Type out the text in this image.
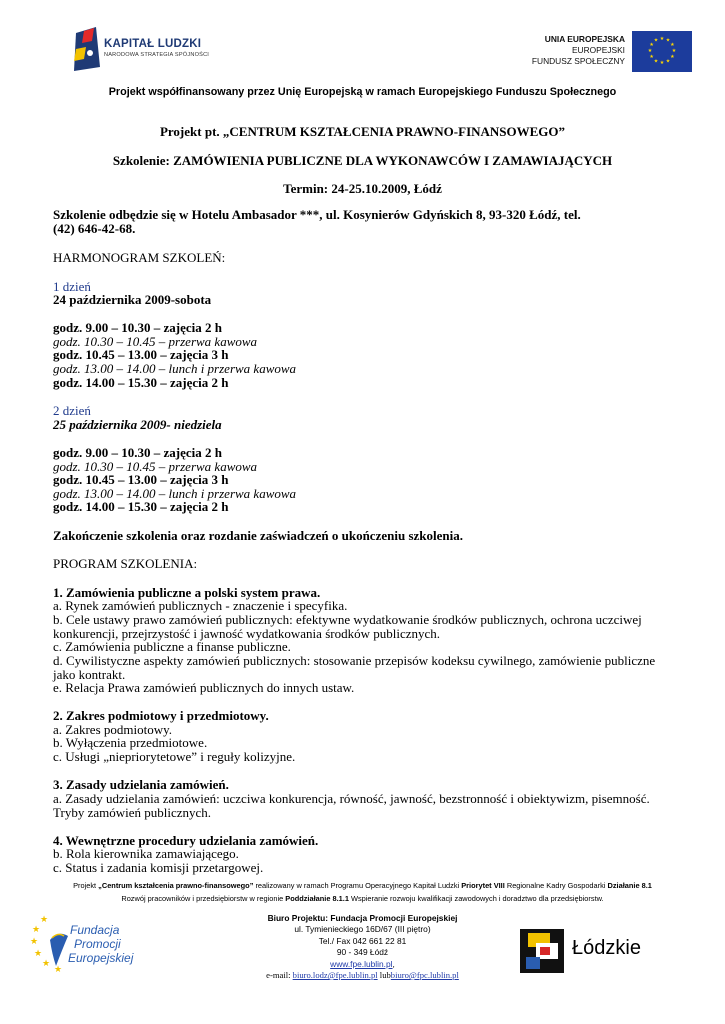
KAPITAŁ LUDZKI
NARODOWA STRATEGIA SPÓJNOŚCI
UNIA EUROPEJSKA
EUROPEJSKI
FUNDUSZ SPOŁECZNY
★ ★
★
★
★
★
★
★
★
★
★
★
Projekt współfinansowany przez Unię Europejską w ramach Europejskiego Funduszu Społecznego
Projekt pt. „CENTRUM KSZTAŁCENIA PRAWNO-FINANSOWEGO”
Szkolenie: ZAMÓWIENIA PUBLICZNE DLA WYKONAWCÓW I ZAMAWIAJĄCYCH
Termin: 24-25.10.2009, Łódź
Szkolenie odbędzie się w Hotelu Ambasador ***, ul. Kosynierów Gdyńskich 8, 93-320 Łódź, tel.
(42) 646-42-68.
HARMONOGRAM SZKOLEŃ:
1 dzień
24 października 2009-sobota
godz. 9.00 – 10.30 – zajęcia 2 h
godz. 10.30 – 10.45 – przerwa kawowa
godz. 10.45 – 13.00 – zajęcia 3 h
godz. 13.00 – 14.00 – lunch i przerwa kawowa
godz. 14.00 – 15.30 – zajęcia 2 h
2 dzień
25 października 2009- niedziela
godz. 9.00 – 10.30 – zajęcia 2 h
godz. 10.30 – 10.45 – przerwa kawowa
godz. 10.45 – 13.00 – zajęcia 3 h
godz. 13.00 – 14.00 – lunch i przerwa kawowa
godz. 14.00 – 15.30 – zajęcia 2 h
Zakończenie szkolenia oraz rozdanie zaświadczeń o ukończeniu szkolenia.
PROGRAM SZKOLENIA:
1. Zamówienia publiczne a polski system prawa.
a. Rynek zamówień publicznych - znaczenie i specyfika.
b. Cele ustawy prawo zamówień publicznych: efektywne wydatkowanie środków publicznych, ochrona uczciwej
konkurencji, przejrzystość i jawność wydatkowania środków publicznych.
c. Zamówienia publiczne a finanse publiczne.
d. Cywilistyczne aspekty zamówień publicznych: stosowanie przepisów kodeksu cywilnego, zamówienie publiczne
jako kontrakt.
e. Relacja Prawa zamówień publicznych do innych ustaw.
2. Zakres podmiotowy i przedmiotowy.
a. Zakres podmiotowy.
b. Wyłączenia przedmiotowe.
c. Usługi „niepriorytetowe” i reguły kolizyjne.
3. Zasady udzielania zamówień.
a. Zasady udzielania zamówień: uczciwa konkurencja, równość, jawność, bezstronność i obiektywizm, pisemność.
Tryby zamówień publicznych.
4. Wewnętrzne procedury udzielania zamówień.
b. Rola kierownika zamawiającego.
c. Status i zadania komisji przetargowej.
Projekt „Centrum kształcenia prawno-finansowego” realizowany w ramach Programu Operacyjnego Kapitał Ludzki Priorytet VIII Regionalne Kadry Gospodarki Działanie 8.1
Rozwój pracowników i przedsiębiorstw w regionie Poddziałanie 8.1.1 Wspieranie rozwoju kwalifikacji zawodowych i doradztwo dla przedsiębiorstw.
★
★
★
★
★
★
Fundacja
Promocji
Europejskiej
Biuro Projektu: Fundacja Promocji Europejskiej
ul. Tymienieckiego 16D/67 (III piętro)
Tel./ Fax 042 661 22 81
90 - 349 Łódź
www.fpe.lublin.pl,
e-mail: biuro.lodz@fpe.lublin.pl lubbiuro@fpc.lublin.pl
Łódzkie
